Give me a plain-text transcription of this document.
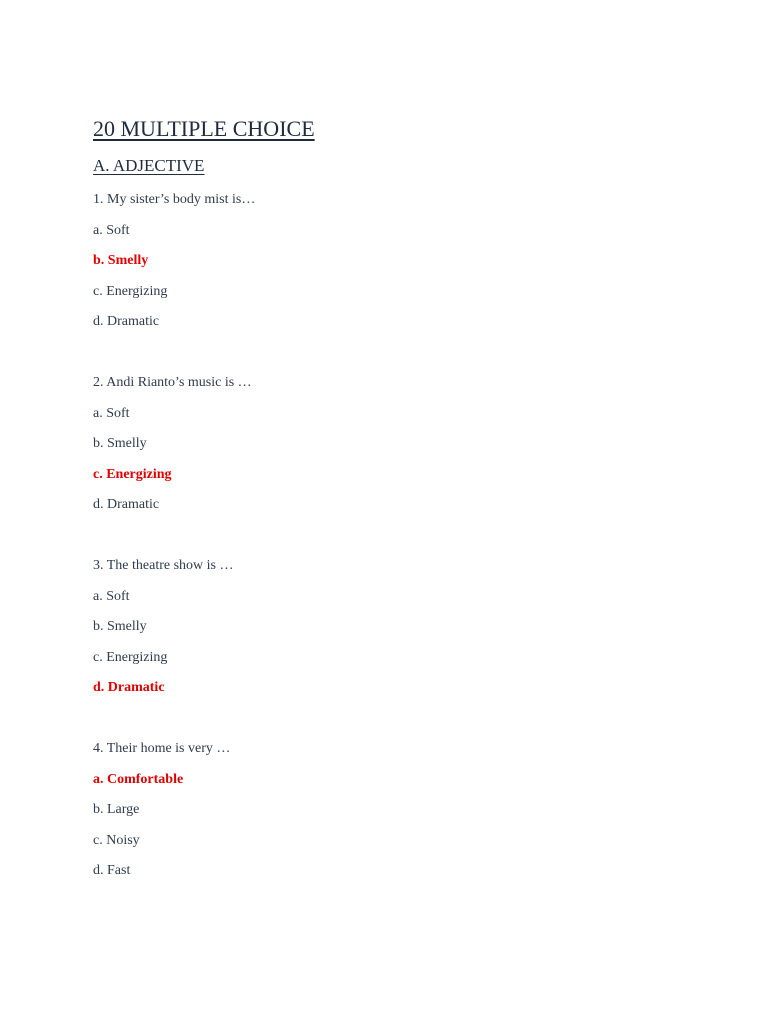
20 MULTIPLE CHOICE
A. ADJECTIVE
1. My sister’s body mist is…
a. Soft
b. Smelly
c. Energizing
d. Dramatic
2. Andi Rianto’s music is …
a. Soft
b. Smelly
c. Energizing
d. Dramatic
3. The theatre show is …
a. Soft
b. Smelly
c. Energizing
d. Dramatic
4. Their home is very …
a. Comfortable
b. Large
c. Noisy
d. Fast
